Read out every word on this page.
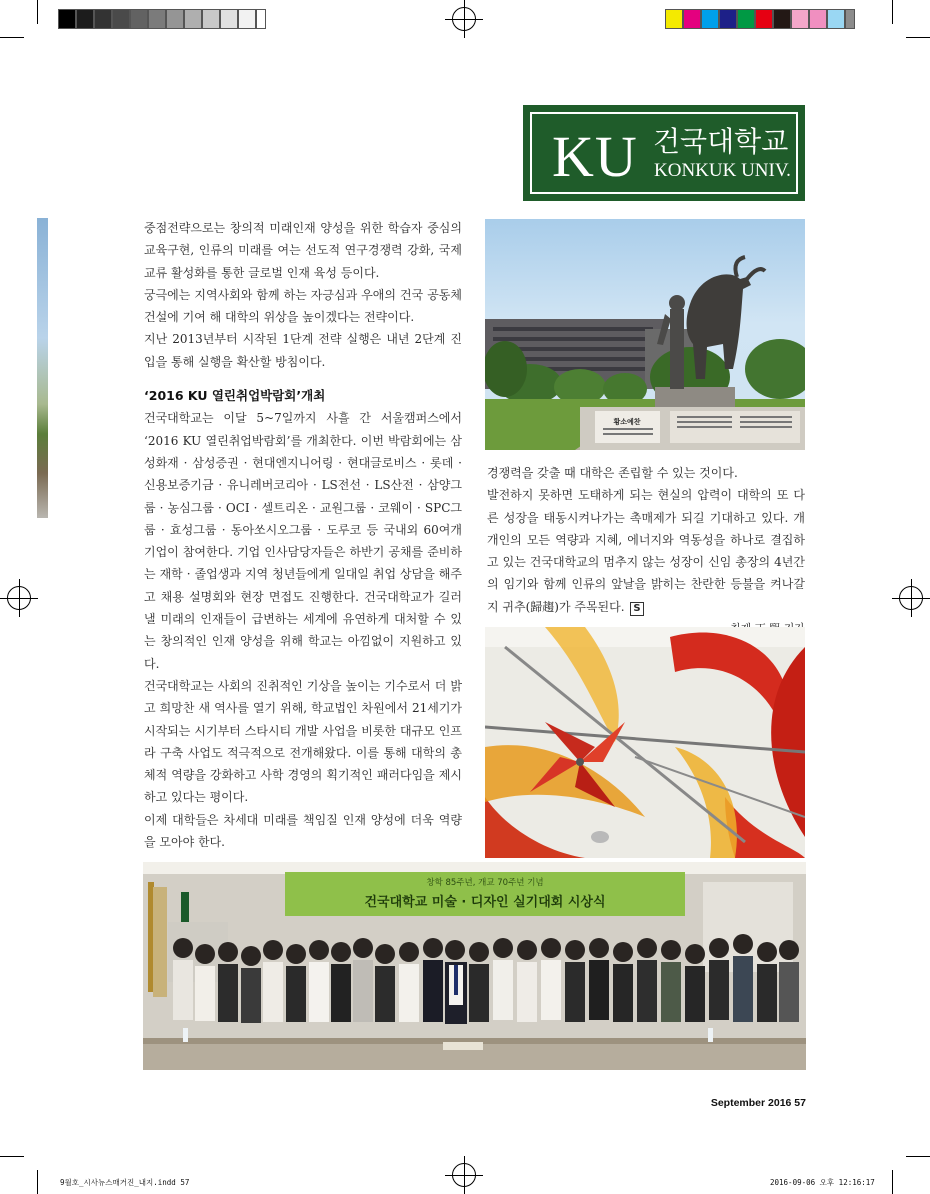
KU 건국대학교
KONKUK UNIV.

중점전략으로는 창의적 미래인재 양성을 위한 학습자 중심의 교육구현, 인류의 미래를 여는 선도적 연구경쟁력 강화, 국제교류 활성화를 통한 글로벌 인재 육성 등이다.

궁극에는 지역사회와 함께 하는 자긍심과 우애의 건국 공동체 건설에 기여 해 대학의 위상을 높이겠다는 전략이다.

지난 2013년부터 시작된 1단계 전략 실행은 내년 2단계 진입을 통해 실행을 확산할 방침이다.

‘2016 KU 열린취업박람회’개최

건국대학교는 이달 5~7일까지 사흘 간 서울캠퍼스에서 ‘2016 KU 열린취업박람회’를 개최한다. 이번 박람회에는 삼성화재 · 삼성증권 · 현대엔지니어링 · 현대글로비스 · 롯데 · 신용보증기금 · 유니레버코리아 · LS전선 · LS산전 · 삼양그룹 · 농심그룹 · OCI · 셀트리온 · 교원그룹 · 코웨이 · SPC그룹 · 효성그룹 · 동아쏘시오그룹 · 도루코 등 국내외 60여개 기업이 참여한다. 기업 인사담당자들은 하반기 공채를 준비하는 재학 · 졸업생과 지역 청년들에게 일대일 취업 상담을 해주고 채용 설명회와 현장 면접도 진행한다. 건국대학교가 길러 낼 미래의 인재들이 급변하는 세계에 유연하게 대처할 수 있는 창의적인 인재 양성을 위해 학교는 아낌없이 지원하고 있다.

건국대학교는 사회의 진취적인 기상을 높이는 기수로서 더 밝고 희망찬 새 역사를 열기 위해, 학교법인 차원에서 21세기가 시작되는 시기부터 스타시티 개발 사업을 비롯한 대규모 인프라 구축 사업도 적극적으로 전개해왔다. 이를 통해 대학의 총체적 역량을 강화하고 사학 경영의 획기적인 패러다임을 제시하고 있다는 평이다.

이제 대학들은 차세대 미래를 책임질 인재 양성에 더욱 역량을 모아야 한다.

황소예찬

경쟁력을 갖출 때 대학은 존립할 수 있는 것이다.

발전하지 못하면 도태하게 되는 현실의 압력이 대학의 또 다른 성장을 태동시켜나가는 촉매제가 되길 기대하고 있다. 개개인의 모든 역량과 지혜, 에너지와 역동성을 하나로 결집하고 있는 건국대학교의 멈추지 않는 성장이 신임 총장의 4년간의 임기와 함께 인류의 앞날을 밝히는 찬란한 등불을 켜나갈 지 귀추(歸趨)가 주목된다. S

창학 85주년, 개교 70주년 기념
건국대학교 미술 · 디자인 실기대회 시상식
September 2016 57
9월호_시사뉴스매거진_내지.indd 57	2016-09-06 오후 12:16:17
